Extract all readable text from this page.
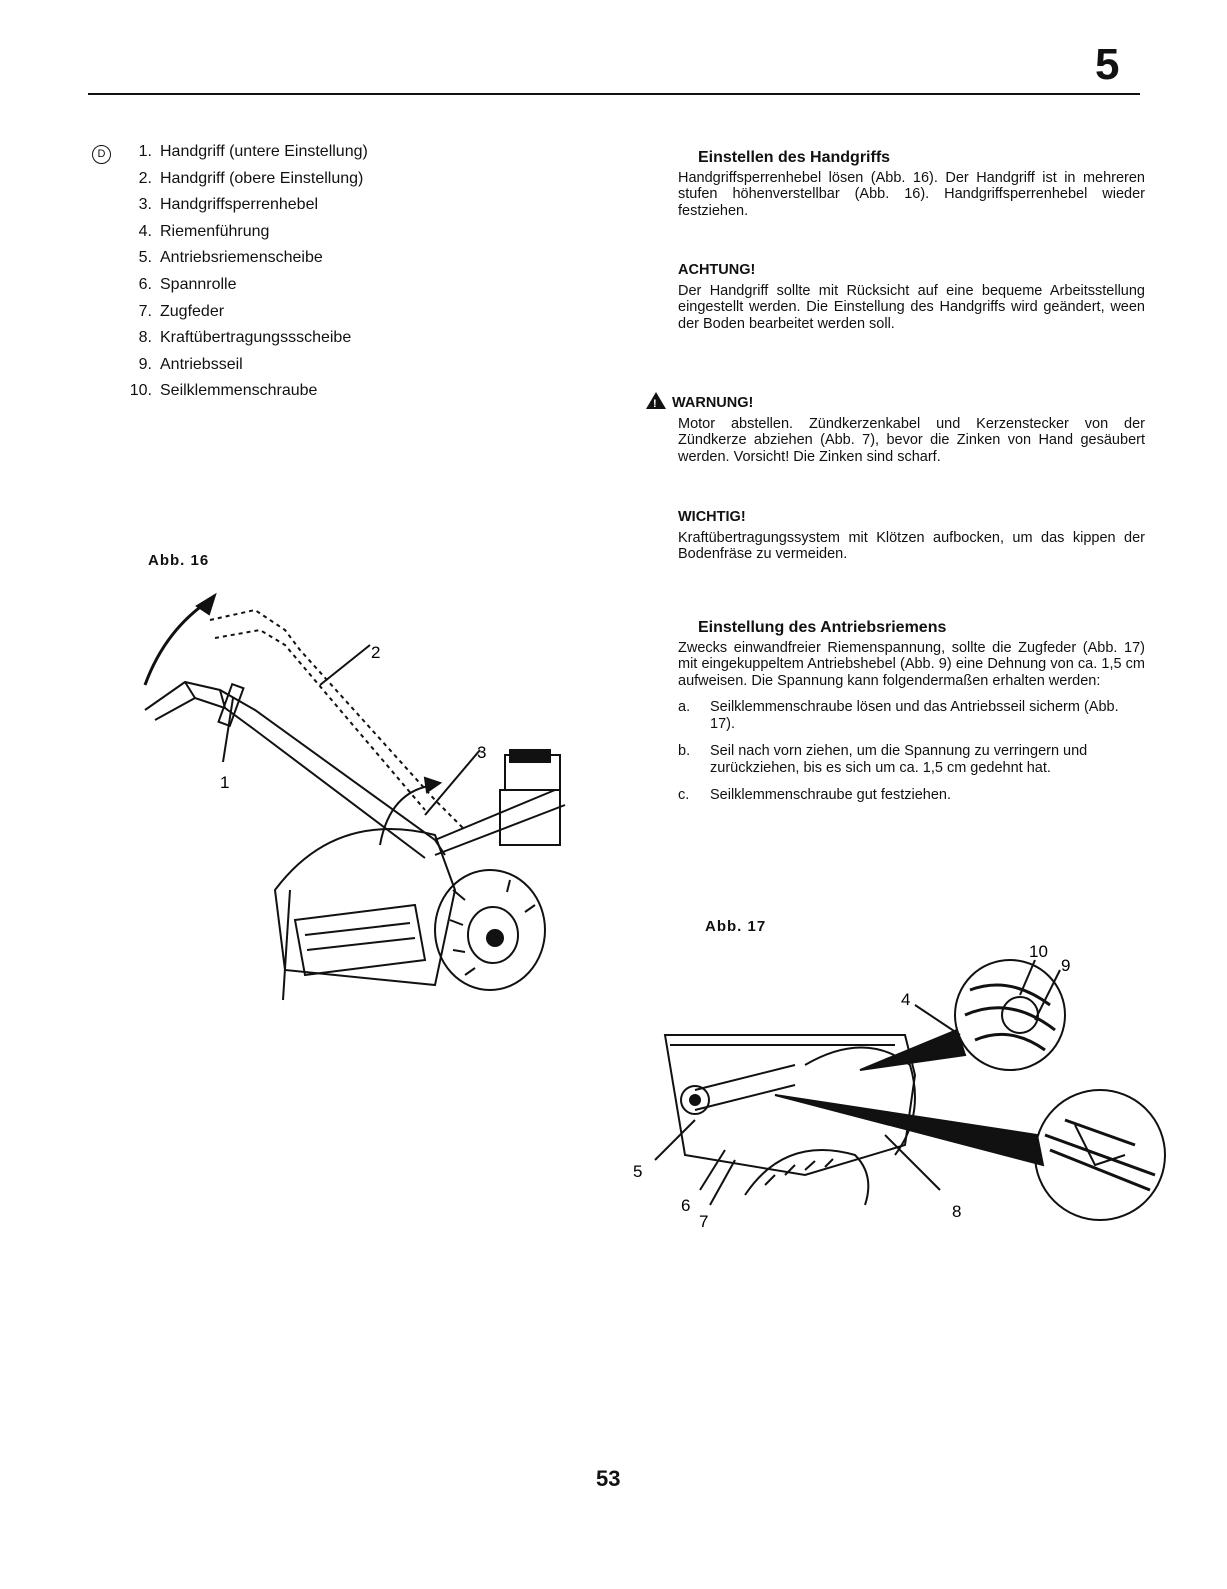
5
D	1. Handgriff (untere Einstellung)
2. Handgriff (obere Einstellung)
3. Handgriffsperrenhebel
4. Riemenführung
5. Antriebsriemenscheibe
6. Spannrolle
7. Zugfeder
8. Kraftübertragungssscheibe
9. Antriebsseil
10. Seilklemmenschraube
Abb. 16
1
2
3
Einstellen des Handgriffs

Handgriffsperrenhebel lösen (Abb. 16). Der Handgriff ist in mehreren stufen höhenverstellbar (Abb. 16). Handgriffsperrenhebel wieder festziehen.

ACHTUNG!

Der Handgriff sollte mit Rücksicht auf eine bequeme Arbeitsstellung eingestellt werden. Die Einstellung des Handgriffs wird geändert, ween der Boden bearbeitet werden soll.

! WARNUNG!

Motor abstellen. Zündkerzenkabel und Kerzenstecker von der Zündkerze abziehen (Abb. 7), bevor die Zinken von Hand gesäubert werden. Vorsicht! Die Zinken sind scharf.

WICHTIG!

Kraftübertragungssystem mit Klötzen aufbocken, um das kippen der Bodenfräse zu vermeiden.

Einstellung des Antriebsriemens

Zwecks einwandfreier Riemenspannung, sollte die Zugfeder (Abb. 17) mit eingekuppeltem Antriebshebel (Abb. 9) eine Dehnung von ca. 1,5 cm aufweisen. Die Spannung kann folgendermaßen erhalten werden:

a.	Seilklemmenschraube lösen und das Antriebsseil sicherm (Abb. 17).
b.	Seil nach vorn ziehen, um die Spannung zu verringern und zurückziehen, bis es sich um ca. 1,5 cm gedehnt hat.
c.	Seilklemmenschraube gut festziehen.
Abb. 17
10
9
4
5
6
7
8
53
